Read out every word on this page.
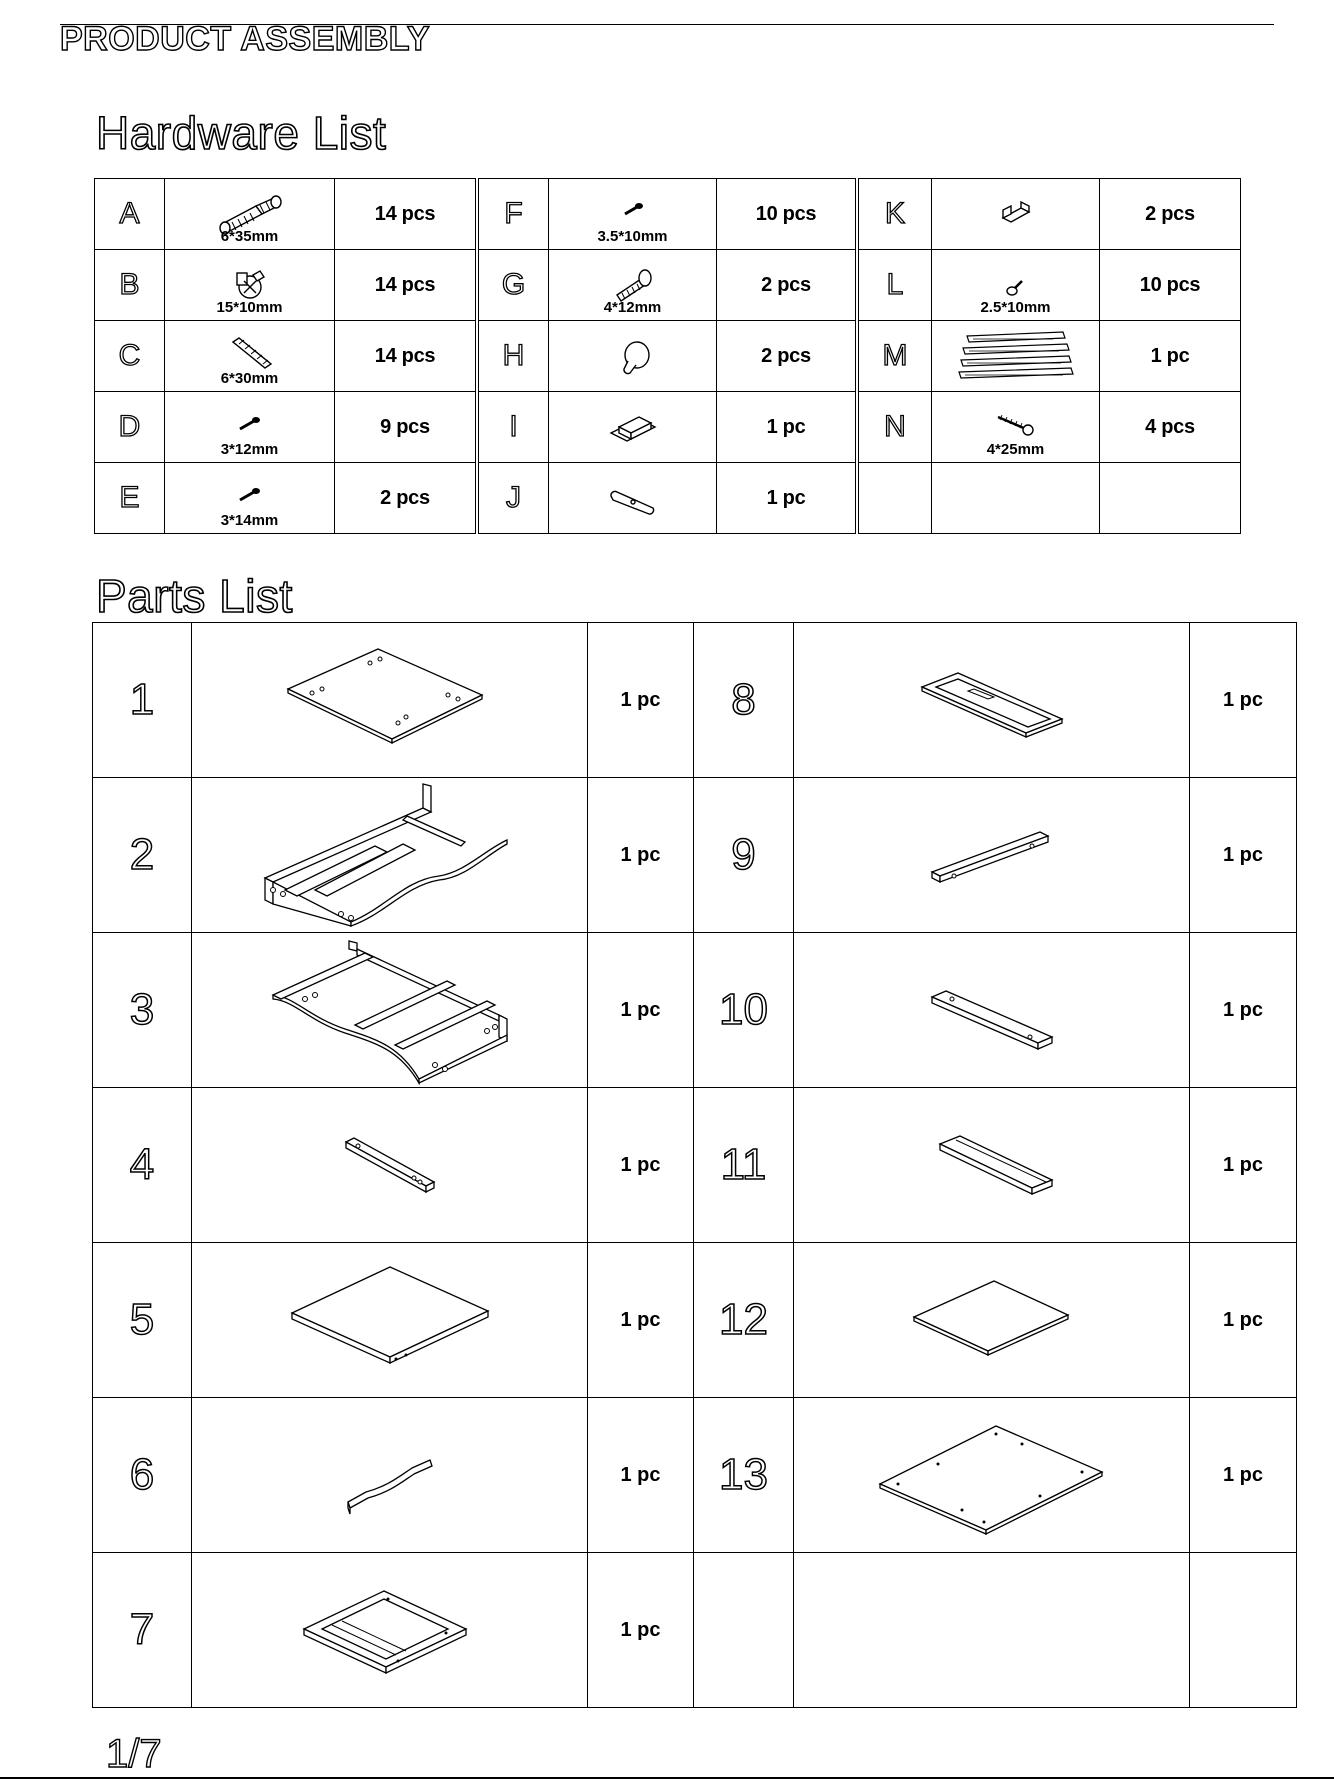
PRODUCT ASSEMBLY
Hardware List
A	6*35mm	14 pcs
B	15*10mm	14 pcs
C	6*30mm	14 pcs
D	3*12mm	9 pcs
E	3*14mm	2 pcs
F	3.5*10mm	10 pcs
G	4*12mm	2 pcs
H		2 pcs
I		1 pc
J		1 pc
K		2 pcs
L	2.5*10mm	10 pcs
M		1 pc
N	4*25mm	4 pcs

Parts List
1		1 pc	8		1 pc
2		1 pc	9		1 pc
3		1 pc	10		1 pc
4		1 pc	11		1 pc
5		1 pc	12		1 pc
6		1 pc	13		1 pc
7		1 pc			
1/7
